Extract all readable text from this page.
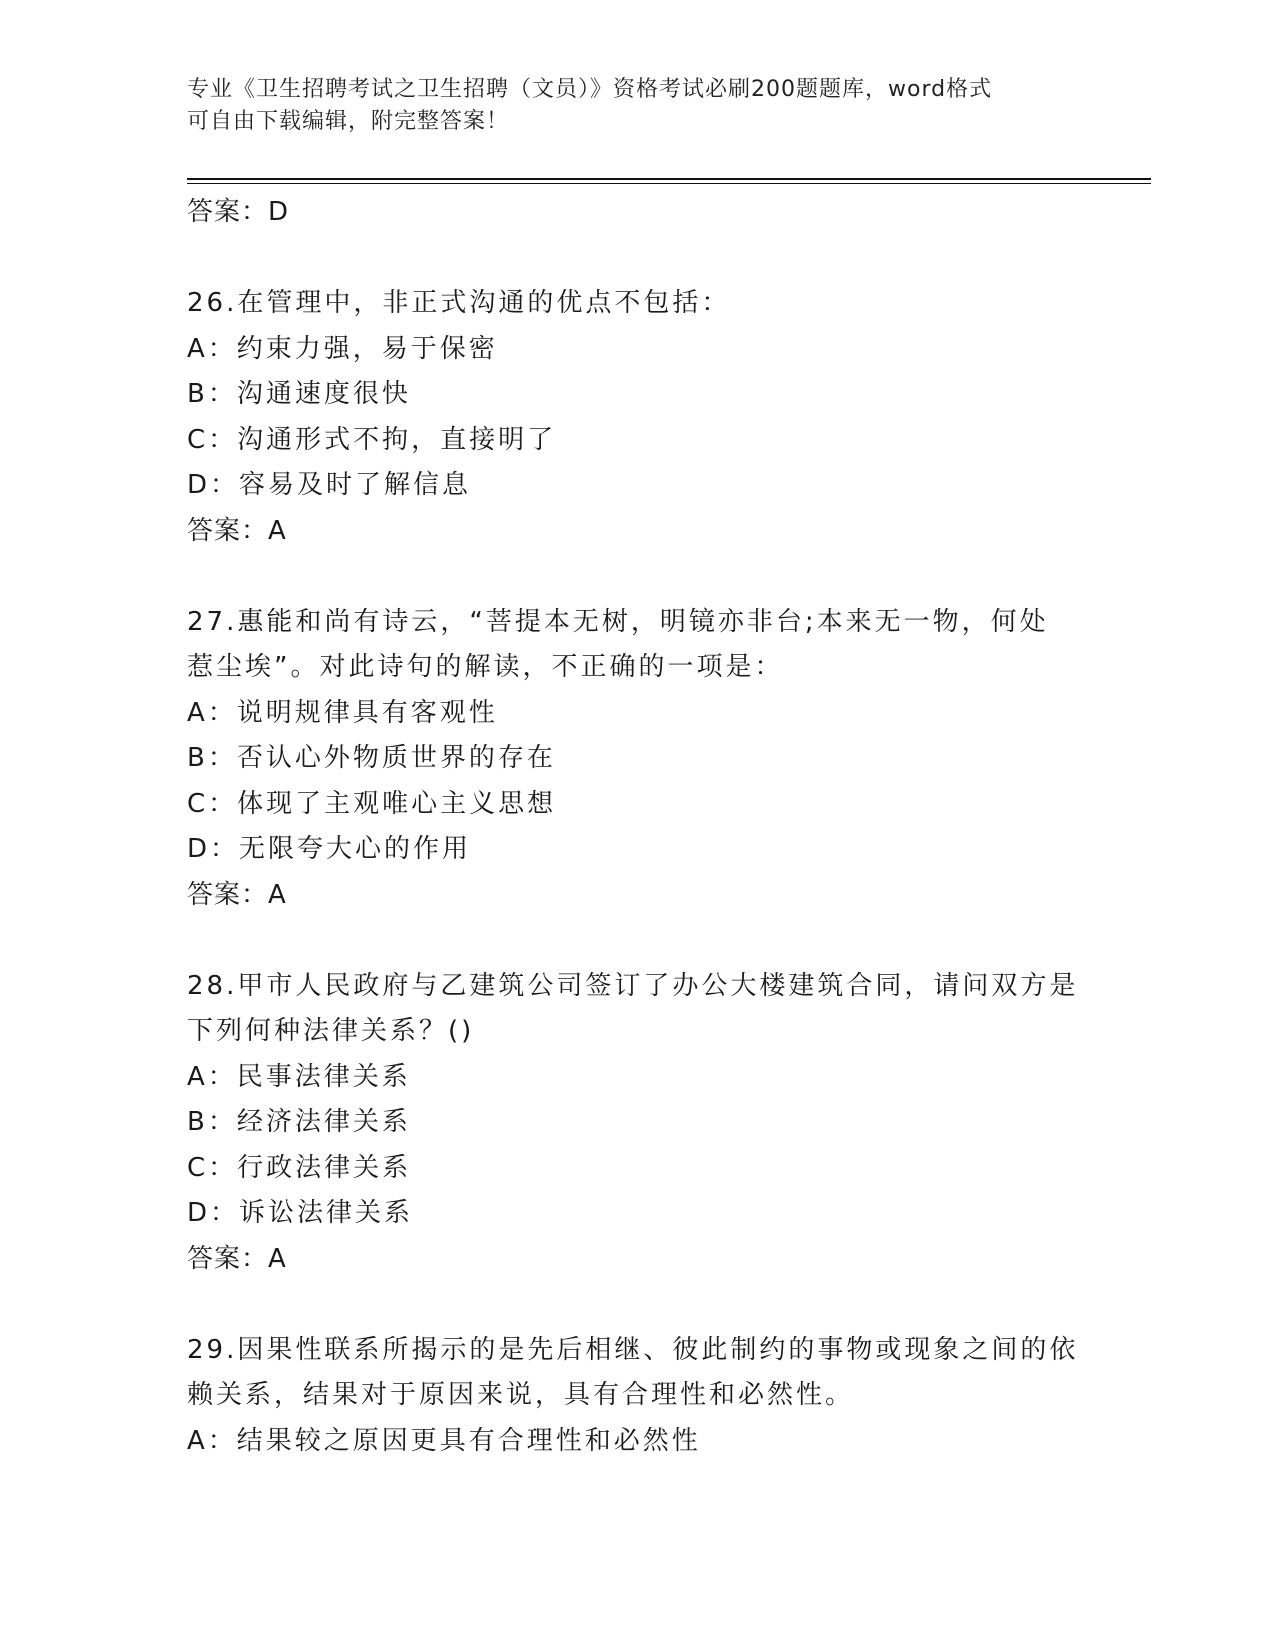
专业《卫生招聘考试之卫生招聘（文员）》资格考试必刷200题题库，word格式
可自由下载编辑，附完整答案！
答案：D
26.在管理中，非正式沟通的优点不包括：
A：约束力强，易于保密
B：沟通速度很快
C：沟通形式不拘，直接明了
D：容易及时了解信息
答案：A
27.惠能和尚有诗云，“菩提本无树，明镜亦非台;本来无一物，何处
惹尘埃”。对此诗句的解读，不正确的一项是：
A：说明规律具有客观性
B：否认心外物质世界的存在
C：体现了主观唯心主义思想
D：无限夸大心的作用
答案：A
28.甲市人民政府与乙建筑公司签订了办公大楼建筑合同，请问双方是
下列何种法律关系？()
A：民事法律关系
B：经济法律关系
C：行政法律关系
D：诉讼法律关系
答案：A
29.因果性联系所揭示的是先后相继、彼此制约的事物或现象之间的依
赖关系，结果对于原因来说，具有合理性和必然性。
A：结果较之原因更具有合理性和必然性
